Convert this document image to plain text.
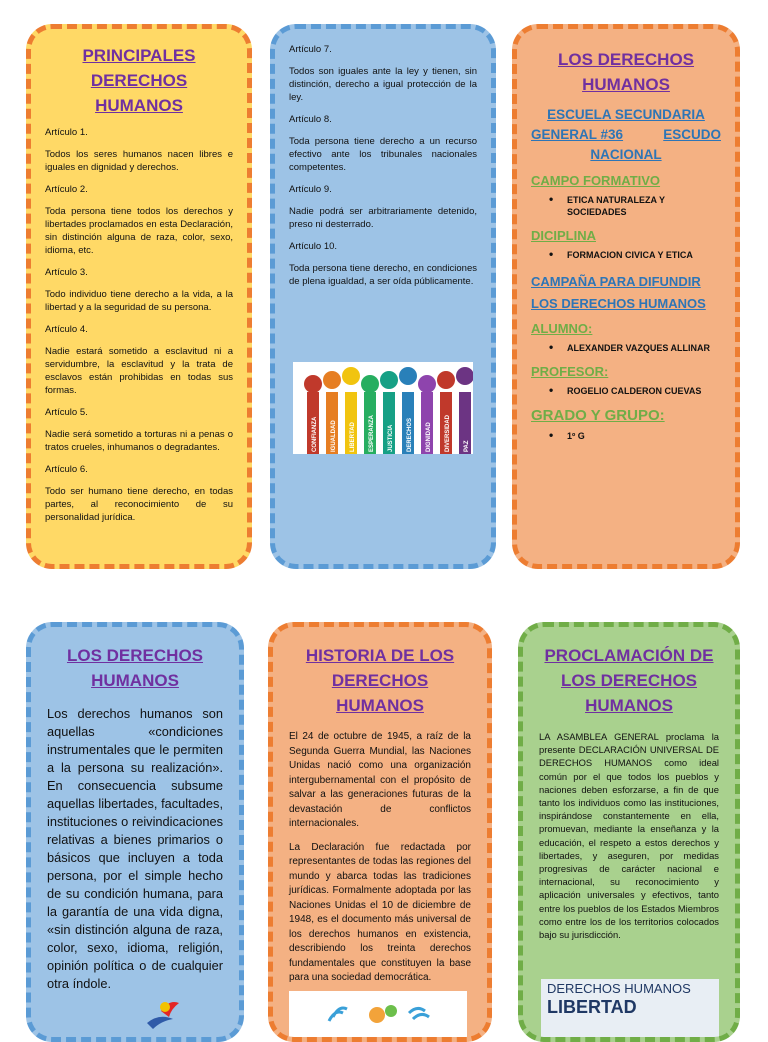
PRINCIPALES DERECHOS HUMANOS

Artículo 1.

Todos los seres humanos nacen libres e iguales en dignidad y derechos.

Artículo 2.

Toda persona tiene todos los derechos y libertades proclamados en esta Declaración, sin distinción alguna de raza, color, sexo, idioma, etc.

Artículo 3.

Todo individuo tiene derecho a la vida, a la libertad y a la seguridad de su persona.

Artículo 4.

Nadie estará sometido a esclavitud ni a servidumbre, la esclavitud y la trata de esclavos están prohibidas en todas sus formas.

Artículo 5.

Nadie será sometido a torturas ni a penas o tratos crueles, inhumanos o degradantes.

Artículo 6.

Todo ser humano tiene derecho, en todas partes, al reconocimiento de su personalidad jurídica.

Artículo 7.

Todos son iguales ante la ley y tienen, sin distinción, derecho a igual protección de la ley.

Artículo 8.

Toda persona tiene derecho a un recurso efectivo ante los tribunales nacionales competentes.

Artículo 9.

Nadie podrá ser arbitrariamente detenido, preso ni desterrado.

Artículo 10.

Toda persona tiene derecho, en condiciones de plena igualdad, a ser oída públicamente.

CONFIANZA IGUALDAD LIBERTAD ESPERANZA JUSTICIA DERECHOS DIGNIDAD DIVERSIDAD PAZ
LOS DERECHOS HUMANOS
ESCUELA SECUNDARIA
GENERAL #36	ESCUDO
NACIONAL
CAMPO FORMATIVO
• ETICA NATURALEZA Y SOCIEDADES
DICIPLINA
• FORMACION CIVICA Y ETICA
CAMPAÑA PARA DIFUNDIR LOS DERECHOS HUMANOS
ALUMNO:
• ALEXANDER VAZQUES ALLINAR
PROFESOR:
• ROGELIO CALDERON CUEVAS
GRADO Y GRUPO:
• 1º G
LOS DERECHOS HUMANOS
Los derechos humanos son aquellas «condiciones instrumentales que le permiten a la persona su realización». En consecuencia subsume aquellas libertades, facultades, instituciones o reivindicaciones relativas a bienes primarios o básicos que incluyen a toda persona, por el simple hecho de su condición humana, para la garantía de una vida digna, «sin distinción alguna de raza, color, sexo, idioma, religión, opinión política o de cualquier otra índole.
HISTORIA DE LOS DERECHOS HUMANOS

El 24 de octubre de 1945, a raíz de la Segunda Guerra Mundial, las Naciones Unidas nació como una organización intergubernamental con el propósito de salvar a las generaciones futuras de la devastación de conflictos internacionales.

La Declaración fue redactada por representantes de todas las regiones del mundo y abarca todas las tradiciones jurídicas. Formalmente adoptada por las Naciones Unidas el 10 de diciembre de 1948, es el documento más universal de los derechos humanos en existencia, describiendo los treinta derechos fundamentales que constituyen la base para una sociedad democrática.

PROCLAMACIÓN DE LOS DERECHOS HUMANOS
LA ASAMBLEA GENERAL proclama la presente DECLARACIÓN UNIVERSAL DE DERECHOS HUMANOS como ideal común por el que todos los pueblos y naciones deben esforzarse, a fin de que tanto los individuos como las instituciones, inspirándose constantemente en ella, promuevan, mediante la enseñanza y la educación, el respeto a estos derechos y libertades, y aseguren, por medidas progresivas de carácter nacional e internacional, su reconocimiento y aplicación universales y efectivos, tanto entre los pueblos de los Estados Miembros como entre los de los territorios colocados bajo su jurisdicción.
DERECHOS HUMANOS
LIBERTAD
